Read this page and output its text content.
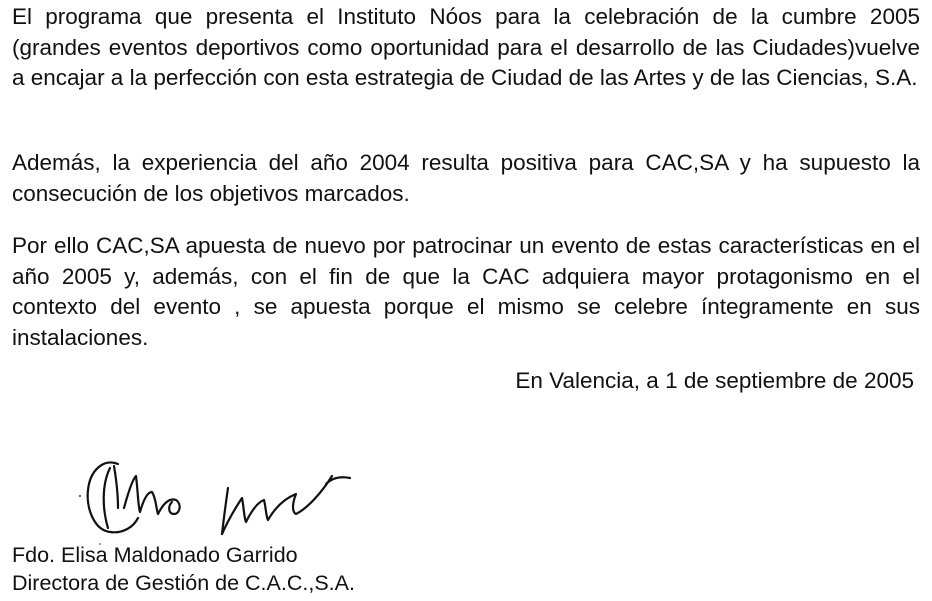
El programa que presenta el Instituto Nóos para la celebración de la cumbre 2005 (grandes eventos deportivos como oportunidad para el desarrollo de las Ciudades)vuelve a encajar a la perfección con esta estrategia de Ciudad de las Artes y de las Ciencias, S.A.

Además, la experiencia del año 2004 resulta positiva para CAC,SA y ha supuesto la consecución de los objetivos marcados.

Por ello CAC,SA apuesta de nuevo por patrocinar un evento de estas características en el año 2005 y, además, con el fin de que la CAC adquiera mayor protagonismo en el contexto del evento , se apuesta porque el mismo se celebre íntegramente en sus instalaciones.

En Valencia, a 1 de septiembre de 2005

Fdo. Elisa Maldonado Garrido

Directora de Gestión de C.A.C.,S.A.
